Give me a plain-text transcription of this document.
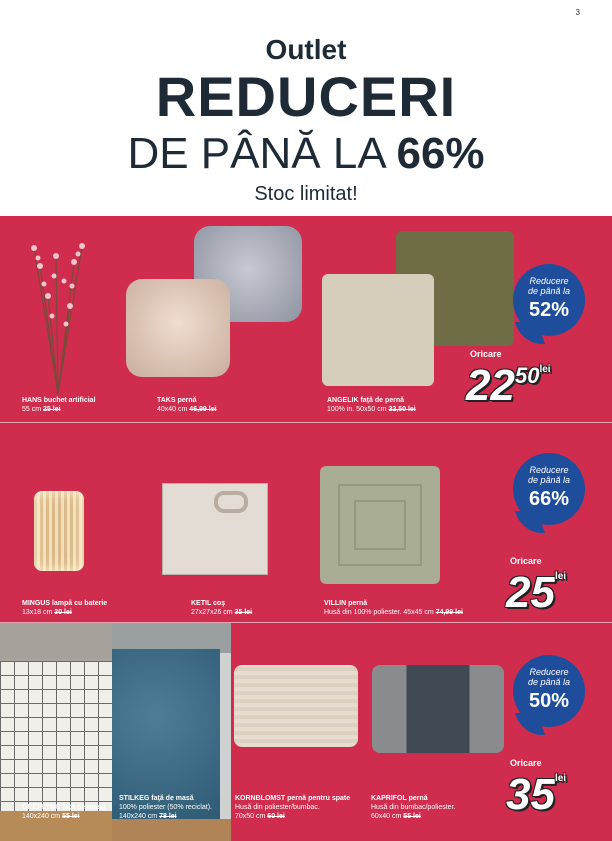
3
Outlet
REDUCERI
DE PÂNĂ LA 66%
Stoc limitat!
Reducere
de până la
52%
Oricare
$2250^{lei}$
HANS buchet artificial
55 cm 25 lei
TAKS pernă
40x40 cm 46,99 lei
ANGELIK faţă de pernă
100% in. 50x50 cm 32,50 lei
Reducere
de până la
66%
Oricare
$25^{lei}$
MINGUS lampă cu baterie
13x18 cm 30 lei
KETIL coş
27x27x26 cm 35 lei
VILLIN pernă
Husă din 100% poliester. 45x45 cm 74,99 lei
Reducere
de până la
50%
Oricare
$35^{lei}$
KORNBLOMST pernă pentru spate
Husă din poliester/bumbac.
70x50 cm 60 lei
KAPRIFOL pernă
Husă din bumbac/poliester.
60x40 cm 55 lei
GREPLYNG faţă de masă
140x240 cm 55 lei
STILKEG faţă de masă
100% poliester (50% reciclat).
140x240 cm 78 lei
